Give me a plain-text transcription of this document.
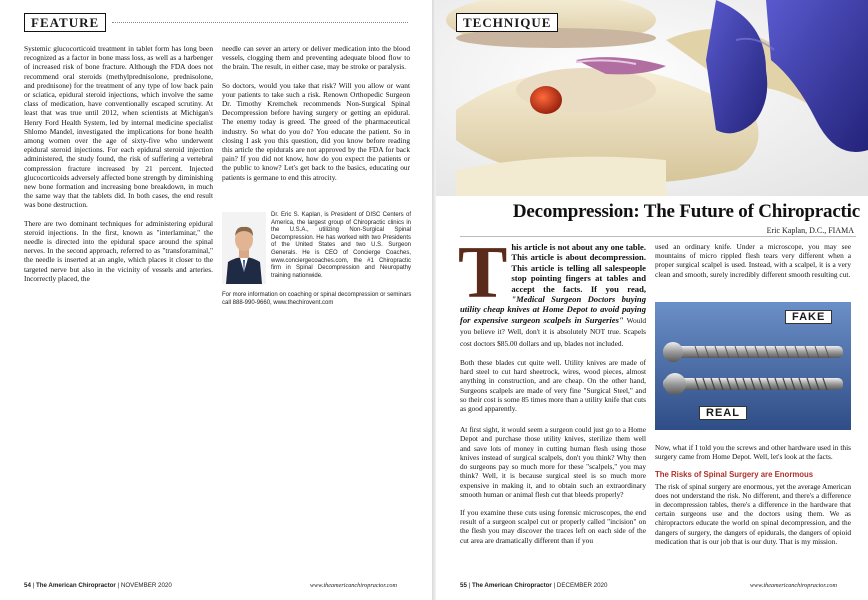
FEATURE

Systemic glucocorticoid treatment in tablet form has long been recognized as a factor in bone mass loss, as well as a harbenger of increased risk of bone fracture. Although the FDA does not recommend oral steroids (methylprednisolone, prednisolone, and prednisone) for the treatment of any type of low back pain or sciatica, epidural steroid injections, which involve the same class of medication, have conventionally escaped scrutiny. At least that was true until 2012, when scientists at Michigan's Henry Ford Health System, led by internal medicine specialist Shlomo Mandel, investigated the implications for bone health among women over the age of sixty-five who underwent epidural steroid injections. For each epidural steroid injection administered, the study found, the risk of suffering a vertebral compression fracture increased by 21 percent. Injected glucocorticoids adversely affected bone strength by diminishing new bone formation and increasing bone breakdown, in much the same way that the tablets did. In both cases, the end result was bone destruction.

There are two dominant techniques for administering epidural steroid injections. In the first, known as "interlaminar," the needle is directed into the epidural space around the spinal nerves. In the second approach, referred to as "transforaminal," the needle is inserted at an angle, which places it closer to the targeted nerve but also in the vicinity of vessels and arteries. Incorrectly placed, the

needle can sever an artery or deliver medication into the blood vessels, clogging them and preventing adequate blood flow to the brain. The result, in either case, may be stroke or paralysis.

So doctors, would you take that risk? Will you allow or want your patients to take such a risk. Renown Orthopedic Surgeon Dr. Timothy Kremchek recommends Non-Surgical Spinal Decompression before having surgery or getting an epidural. The enemy today is greed. The greed of the pharmaceutical industry. So what do you do? You educate the patient. So in closing I ask you this question, did you know before reading this article the epidurals are not approved by the FDA for back pain? If you did not know, how do you expect the patients or the public to know? Let's get back to the basics, educating our patients is germane to end this atrocity.

Dr. Eric S. Kaplan, is President of DISC Centers of America, the largest group of Chiropractic clinics in the U.S.A., utilizing Non-Surgical Spinal Decompression. He has worked with two Presidents of the United States and two U.S. Surgeon Generals. He is CEO of Concierge Coaches, www.conciergecoaches.com, the #1 Chiropractic firm in Spinal Decompression and Neuropathy training nationwide.
For more information on coaching or spinal decompression or seminars call 888-990-9660, www.thechirovent.com
54 | The American Chiropractor | NOVEMBER 2020	www.theamericanchiropractor.com
TECHNIQUE
Decompression: The Future of Chiropractic
Eric Kaplan, D.C., FIAMA

This article is not about any one table. This article is about decompression. This article is telling all salespeople stop pointing fingers at tables and accept the facts. If you read, "Medical Surgeon Doctors buying utility cheap knives at Home Depot to avoid paying for expensive surgeon scalpels in Surgeries" Would you believe it? Well, don't it is absolutely NOT true. Scapels cost doctors $85.00 dollars and up, blades not included.

Both these blades cut quite well. Utility knives are made of hard steel to cut hard sheetrock, wires, wood pieces, almost anything in construction, and are cheap. On the other hand, Surgeons scalpels are made of very fine "Surgical Steel," and so their cost is some 85 times more than a utility knife that cuts as good apparently.

At first sight, it would seem a surgeon could just go to a Home Depot and purchase those utility knives, sterilize them well and save lots of money in cutting human flesh using those knives instead of surgical scalpels, don't you think? Why then do surgeons pay so much more for these "scalpels," you may think? Well, it is because surgical steel is so much more expensive in making it, and to obtain such an extraordinary smooth human or animal flesh cut that bleeds properly?

If you examine these cuts using forensic microscopes, the end result of a surgeon scalpel cut or properly called "incision" on the flesh you may discover the traces left on each side of the cut area are dramatically different than if you

used an ordinary knife. Under a microscope, you may see mountains of micro rippled flesh tears very different when a proper surgical scalpel is used. Instead, with a scalpel, it is a very clean and smooth, surely incredibly different smooth resulting cut.

FAKE
REAL

Now, what if I told you the screws and other hardware used in this surgery came from Home Depot. Well, let's look at the facts.

The Risks of Spinal Surgery are Enormous

The risk of spinal surgery are enormous, yet the average American does not understand the risk. No different, and there's a difference in decompression tables, there's a difference in the hardware that certain surgeons use and the doctors using them. We as chiropractors educate the world on spinal decompression, and the dangers of surgery, the dangers of epidurals, the dangers of opioid medication that is our job that is our duty. That is my mission.

55 | The American Chiropractor | DECEMBER 2020	www.theamericanchiropractor.com
